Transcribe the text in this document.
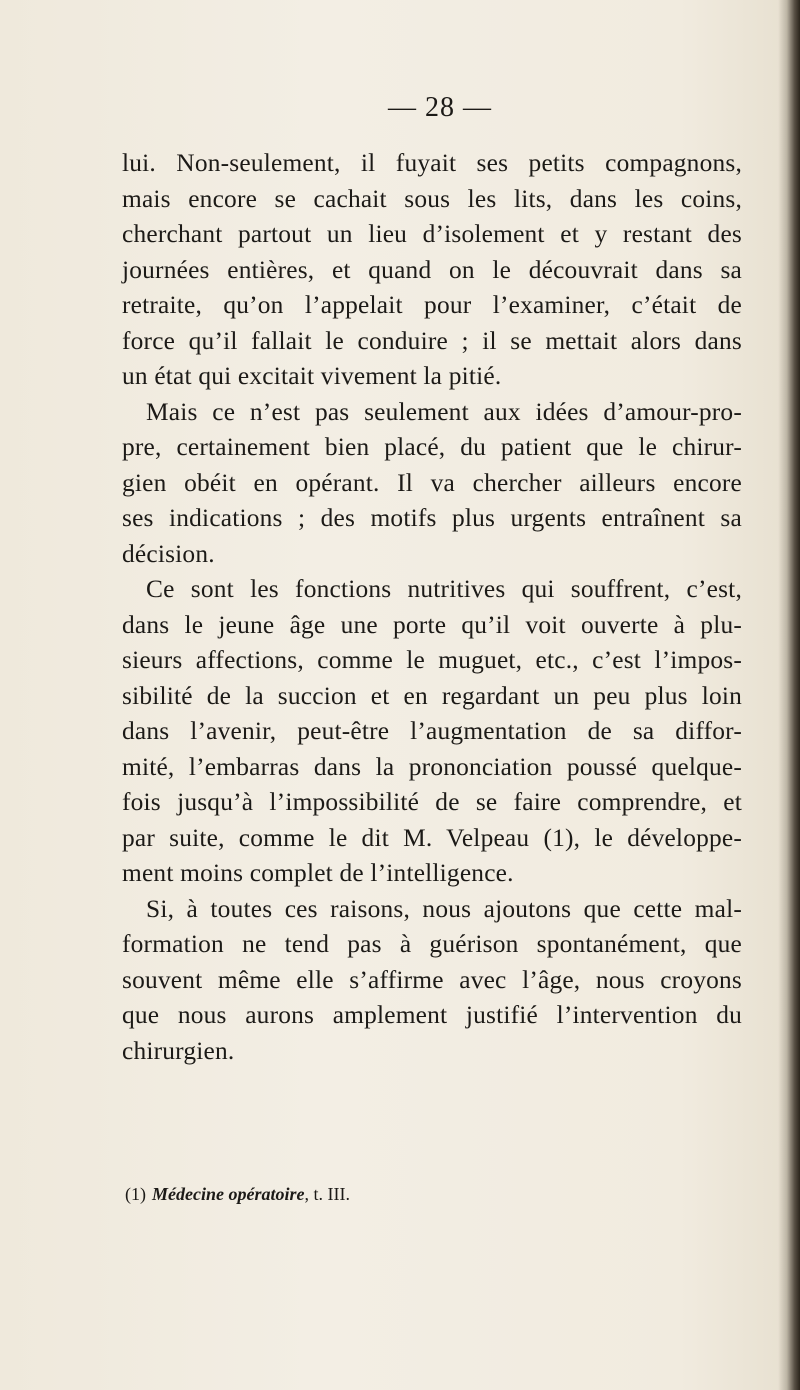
— 28 —
lui. Non-seulement, il fuyait ses petits compagnons,
mais encore se cachait sous les lits, dans les coins,
cherchant partout un lieu d’isolement et y restant des
journées entières, et quand on le découvrait dans sa
retraite, qu’on l’appelait pour l’examiner, c’était de
force qu’il fallait le conduire ; il se mettait alors dans
un état qui excitait vivement la pitié.
Mais ce n’est pas seulement aux idées d’amour-pro-
pre, certainement bien placé, du patient que le chirur-
gien obéit en opérant. Il va chercher ailleurs encore
ses indications ; des motifs plus urgents entraînent sa
décision.
Ce sont les fonctions nutritives qui souffrent, c’est,
dans le jeune âge une porte qu’il voit ouverte à plu-
sieurs affections, comme le muguet, etc., c’est l’impos-
sibilité de la succion et en regardant un peu plus loin
dans l’avenir, peut-être l’augmentation de sa diffor-
mité, l’embarras dans la prononciation poussé quelque-
fois jusqu’à l’impossibilité de se faire comprendre, et
par suite, comme le dit M. Velpeau (1), le développe-
ment moins complet de l’intelligence.
Si, à toutes ces raisons, nous ajoutons que cette mal-
formation ne tend pas à guérison spontanément, que
souvent même elle s’affirme avec l’âge, nous croyons
que nous aurons amplement justifié l’intervention du
chirurgien.
(1) Médecine opératoire, t. III.
